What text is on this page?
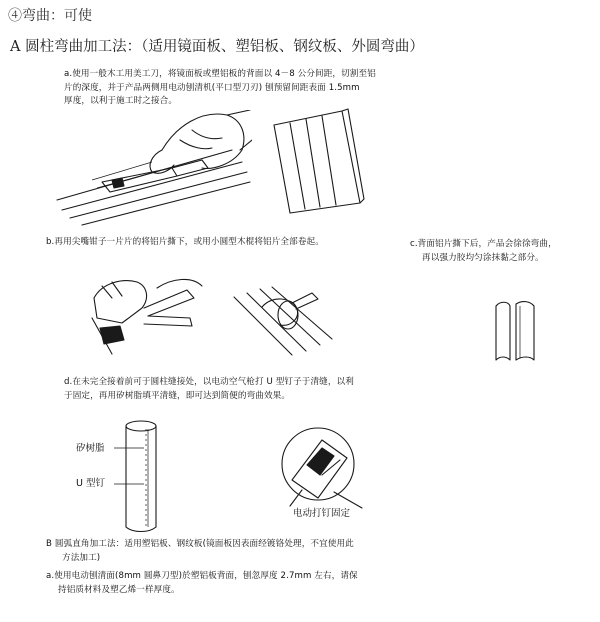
④弯曲：可使
A 圆柱弯曲加工法：（适用镜面板、塑铝板、钢纹板、外圆弯曲）
a.使用一般木工用美工刀，将镜面板或塑铝板的背面以 4－8 公分间距，切割至铝
片的深度，并于产品两侧用电动刨清机(平口型刀刃) 刨预留间距表面 1.5mm
厚度，以利于施工时之接合。
b.再用尖嘴钳子一片片的将铝片撕下，或用小圆型木棍将铝片全部卷起。	c.背面铝片撕下后，产品会徐徐弯曲，
再以强力胶均匀涂抹黏之部分。
d.在未完全接着前可于圆柱缝接处，以电动空气枪打 U 型钉子于清缝，以利
于固定，再用矽树脂填平清缝，即可达到简便的弯曲效果。
矽树脂
U 型钉
电动打钉固定
B 圆弧直角加工法：适用塑铝板、钢纹板(镜面板因表面经镀铬处理，不宜使用此
方法加工)
a.使用电动刨清面(8mm 圆鼻刀型)於塑铝板背面，刨忽厚度 2.7mm 左右，请保
持铝质材料及塑乙烯一样厚度。
